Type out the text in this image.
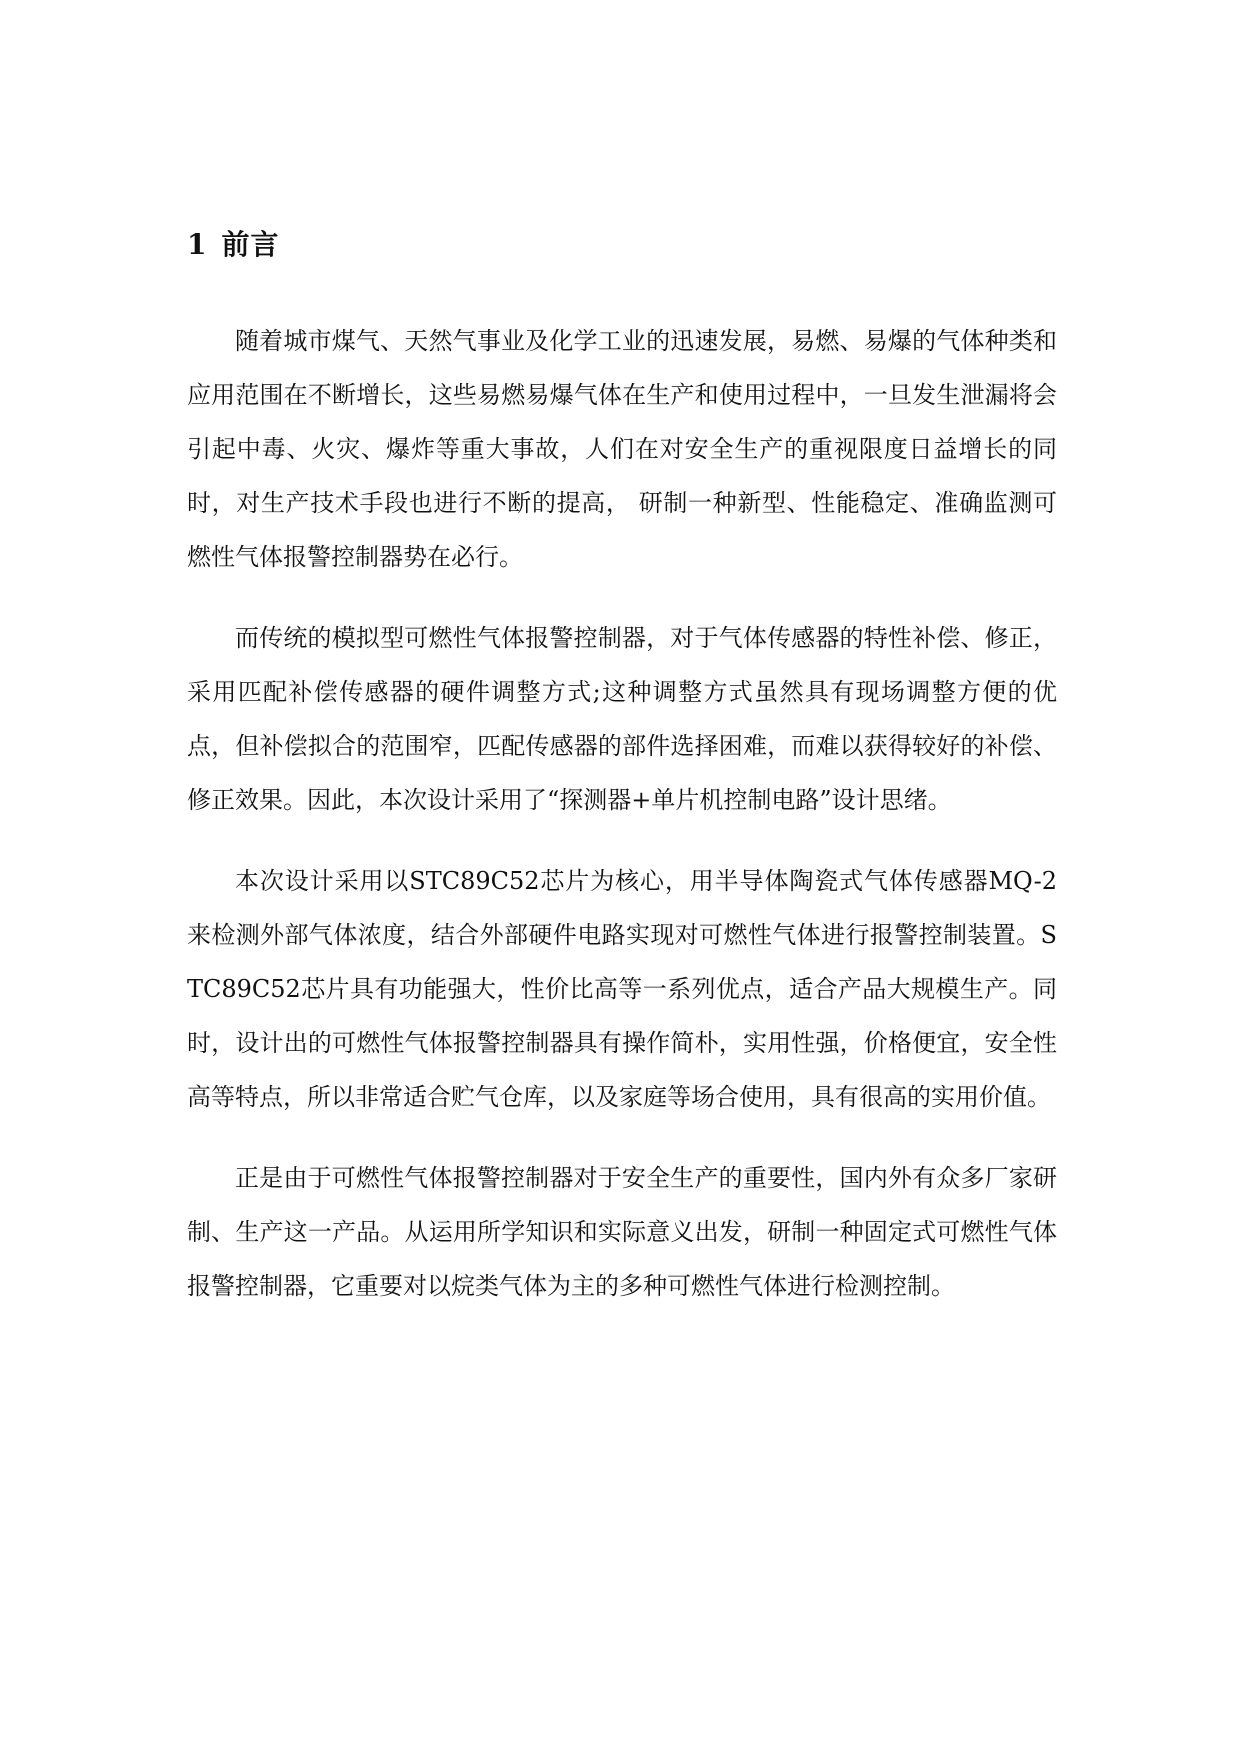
1 前言

随着城市煤气、天然气事业及化学工业的迅速发展，易燃、易爆的气体种类和应用范围在不断增长，这些易燃易爆气体在生产和使用过程中，一旦发生泄漏将会引起中毒、火灾、爆炸等重大事故，人们在对安全生产的重视限度日益增长的同时，对生产技术手段也进行不断的提高， 研制一种新型、性能稳定、准确监测可燃性气体报警控制器势在必行。

而传统的模拟型可燃性气体报警控制器，对于气体传感器的特性补偿、修正，采用匹配补偿传感器的硬件调整方式;这种调整方式虽然具有现场调整方便的优点，但补偿拟合的范围窄，匹配传感器的部件选择困难，而难以获得较好的补偿、修正效果。因此，本次设计采用了“探测器+单片机控制电路”设计思绪。

本次设计采用以STC89C52芯片为核心，用半导体陶瓷式气体传感器MQ-2来检测外部气体浓度，结合外部硬件电路实现对可燃性气体进行报警控制装置。STC89C52芯片具有功能强大，性价比高等一系列优点，适合产品大规模生产。同时，设计出的可燃性气体报警控制器具有操作简朴，实用性强，价格便宜，安全性高等特点，所以非常适合贮气仓库，以及家庭等场合使用，具有很高的实用价值。

正是由于可燃性气体报警控制器对于安全生产的重要性，国内外有众多厂家研制、生产这一产品。从运用所学知识和实际意义出发，研制一种固定式可燃性气体报警控制器，它重要对以烷类气体为主的多种可燃性气体进行检测控制。
